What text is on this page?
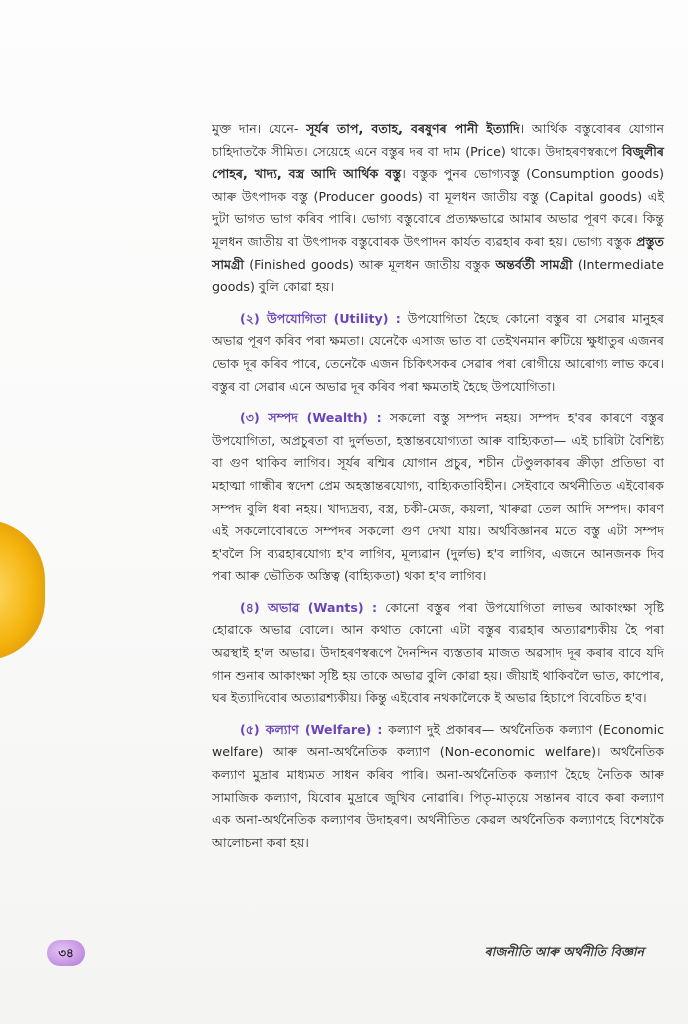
মুক্ত দান। যেনে- সূর্যৰ তাপ, বতাহ, বৰষুণৰ পানী ইত্যাদি। আৰ্থিক বস্তুবোৰৰ যোগান চাহিদাতকৈ সীমিত। সেয়েহে এনে বস্তুৰ দৰ বা দাম (Price) থাকে। উদাহৰণস্বৰূপে বিজুলীৰ পোহৰ, খাদ্য, বস্ত্ৰ আদি আৰ্থিক বস্তু। বস্তুক পুনৰ ভোগ্যবস্তু (Consumption goods) আৰু উৎপাদক বস্তু (Producer goods) বা মূলধন জাতীয় বস্তু (Capital goods) এই দুটা ভাগত ভাগ কৰিব পাৰি। ভোগ্য বস্তুবোৰে প্ৰত্যক্ষভাৱে আমাৰ অভাৱ পূৰণ কৰে। কিন্তু মূলধন জাতীয় বা উৎপাদক বস্তুবোৰক উৎপাদন কাৰ্যত ব্যৱহাৰ কৰা হয়। ভোগ্য বস্তুক প্ৰস্তুত সামগ্ৰী (Finished goods) আৰু মূলধন জাতীয় বস্তুক অন্তৰ্বৰ্তী সামগ্ৰী (Intermediate goods) বুলি কোৱা হয়।

(২) উপযোগিতা (Utility) : উপযোগিতা হৈছে কোনো বস্তুৰ বা সেৱাৰ মানুহৰ অভাৱ পূৰণ কৰিব পৰা ক্ষমতা। যেনেকৈ এসাজ ভাত বা তেইখনমান ৰুটিয়ে ক্ষুধাতুৰ এজনৰ ভোক দূৰ কৰিব পাৰে, তেনেকৈ এজন চিকিৎসকৰ সেৱাৰ পৰা ৰোগীয়ে আৰোগ্য লাভ কৰে। বস্তুৰ বা সেৱাৰ এনে অভাৱ দূৰ কৰিব পৰা ক্ষমতাই হৈছে উপযোগিতা।

(৩) সম্পদ (Wealth) : সকলো বস্তু সম্পদ নহয়। সম্পদ হ'বৰ কাৰণে বস্তুৰ উপযোগিতা, অপ্ৰচুৰতা বা দুৰ্লভতা, হস্তান্তৰযোগ্যতা আৰু বাহ্যিকতা— এই চাৰিটা বৈশিষ্ট্য বা গুণ থাকিব লাগিব। সূৰ্যৰ ৰশ্মিৰ যোগান প্ৰচুৰ, শচীন টেণ্ডুলকাৰৰ ক্ৰীড়া প্ৰতিভা বা মহাত্মা গান্ধীৰ স্বদেশ প্ৰেম অহস্তান্তৰযোগ্য, বাহ্যিকতাবিহীন। সেইবাবে অৰ্থনীতিত এইবোৰক সম্পদ বুলি ধৰা নহয়। খাদ্যদ্ৰব্য, বস্ত্ৰ, চকী-মেজ, কয়লা, খাৰুৱা তেল আদি সম্পদ। কাৰণ এই সকলোবোৰতে সম্পদৰ সকলো গুণ দেখা যায়। অৰ্থবিজ্ঞানৰ মতে বস্তু এটা সম্পদ হ'বলৈ সি ব্যৱহাৰযোগ্য হ'ব লাগিব, মূল্যৱান (দুৰ্লভ) হ'ব লাগিব, এজনে আনজনক দিব পৰা আৰু ভৌতিক অস্তিত্ব (বাহ্যিকতা) থকা হ'ব লাগিব।

(৪) অভাৱ (Wants) : কোনো বস্তুৰ পৰা উপযোগিতা লাভৰ আকাংক্ষা সৃষ্টি হোৱাকে অভাৱ বোলে। আন কথাত কোনো এটা বস্তুৰ ব্যৱহাৰ অত্যাৱশ্যকীয় হৈ পৰা অৱস্থাই হ'ল অভাৱ। উদাহৰণস্বৰূপে দৈনন্দিন ব্যস্ততাৰ মাজত অৱসাদ দূৰ কৰাৰ বাবে যদি গান শুনাৰ আকাংক্ষা সৃষ্টি হয় তাকে অভাৱ বুলি কোৱা হয়। জীয়াই থাকিবলৈ ভাত, কাপোৰ, ঘৰ ইত্যাদিবোৰ অত্যাৱশ্যকীয়। কিন্তু এইবোৰ নথকালৈকে ই অভাৱ হিচাপে বিবেচিত হ'ব।

(৫) কল্যাণ (Welfare) : কল্যাণ দুই প্ৰকাৰৰ— অৰ্থনৈতিক কল্যাণ (Economic welfare) আৰু অনা-অৰ্থনৈতিক কল্যাণ (Non-economic welfare)। অৰ্থনৈতিক কল্যাণ মুদ্ৰাৰ মাধ্যমত সাধন কৰিব পাৰি। অনা-অৰ্থনৈতিক কল্যাণ হৈছে নৈতিক আৰু সামাজিক কল্যাণ, যিবোৰ মুদ্ৰাৰে জুখিব নোৱাৰি। পিতৃ-মাতৃয়ে সন্তানৰ বাবে কৰা কল্যাণ এক অনা-অৰ্থনৈতিক কল্যাণৰ উদাহৰণ। অৰ্থনীতিত কেৱল অৰ্থনৈতিক কল্যাণহে বিশেষকৈ আলোচনা কৰা হয়।

৩৪	ৰাজনীতি আৰু অৰ্থনীতি বিজ্ঞান
